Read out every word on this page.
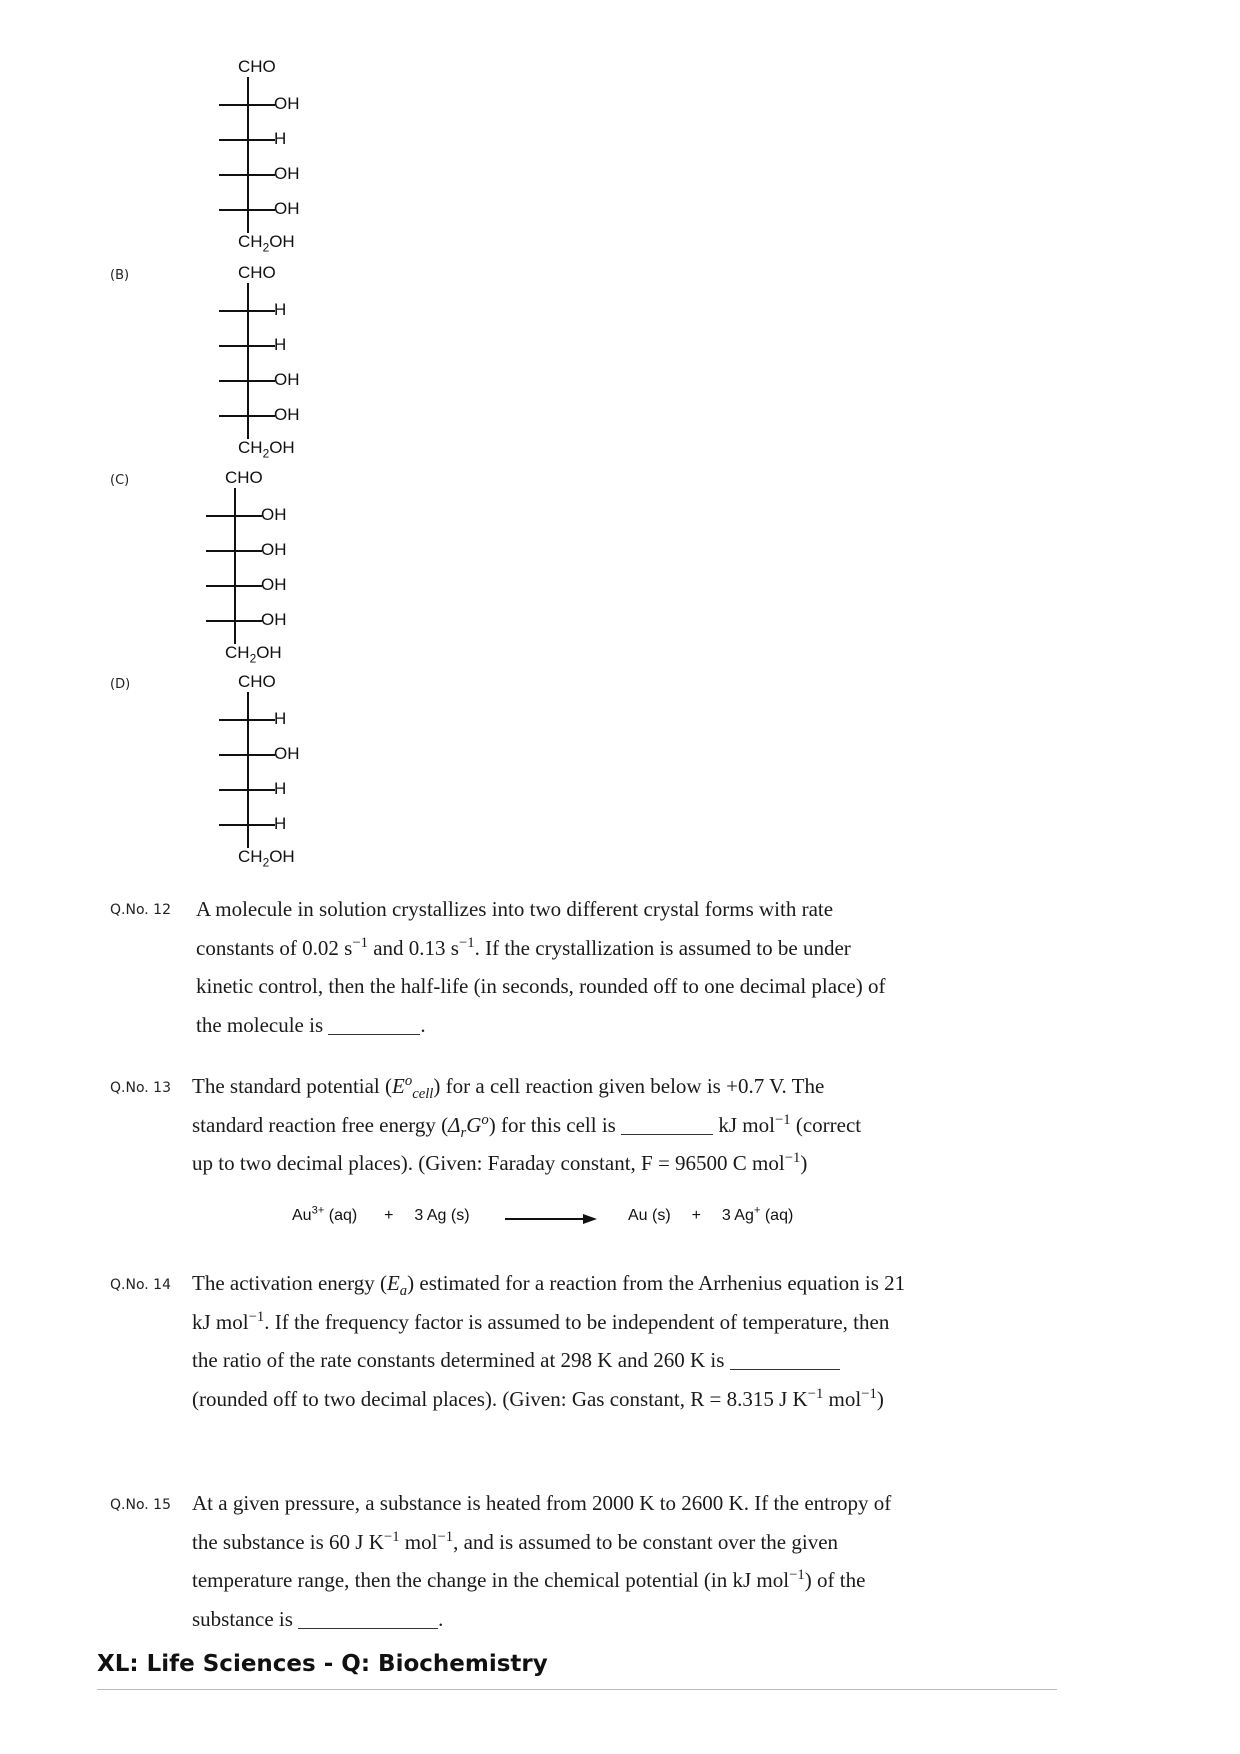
CHO
OH
H
OH
OH
$CH_2OH$
(B)	CHO
H
H
OH
OH
$CH_2OH$
(C)	CHO
OH
OH
OH
OH
$CH_2OH$
(D)	CHO
H
OH
H
H
$CH_2OH$
Q.No. 12	A molecule in solution crystallizes into two different crystal forms with rate constants of 0.02 $s^{-1}$ and 0.13 $s^{-1}$. If the crystallization is assumed to be under kinetic control, then the half-life (in seconds, rounded off to one decimal place) of the molecule is	.
Q.No. 13	The standard potential $(E^o_{cell})$ for a cell reaction given below is +0.7 V. The standard reaction free energy $(\Delta_rG^o)$ for this cell is	kJ mol$^{-1}$ (correct up to two decimal places). (Given: Faraday constant, F = 96500 C mol$^{-1}$)
$Au^{3+}$ (aq) + 3 Ag (s)	Au (s) + 3 Ag+ (aq)
Q.No. 14	The activation energy $(E_a)$ estimated for a reaction from the Arrhenius equation is 21 kJ mol$^{-1}$. If the frequency factor is assumed to be independent of temperature, then the ratio of the rate constants determined at 298 K and 260 K is  (rounded off to two decimal places). (Given: Gas constant, R = 8.315 J $K^{-1}$ mol$^{-1}$)
Q.No. 15	At a given pressure, a substance is heated from 2000 K to 2600 K. If the entropy of the substance is 60 J $K^{-1}$ mol$^{-1}$, and is assumed to be constant over the given temperature range, then the change in the chemical potential (in kJ mol$^{-1}$) of the substance is	.
XL: Life Sciences - Q: Biochemistry
